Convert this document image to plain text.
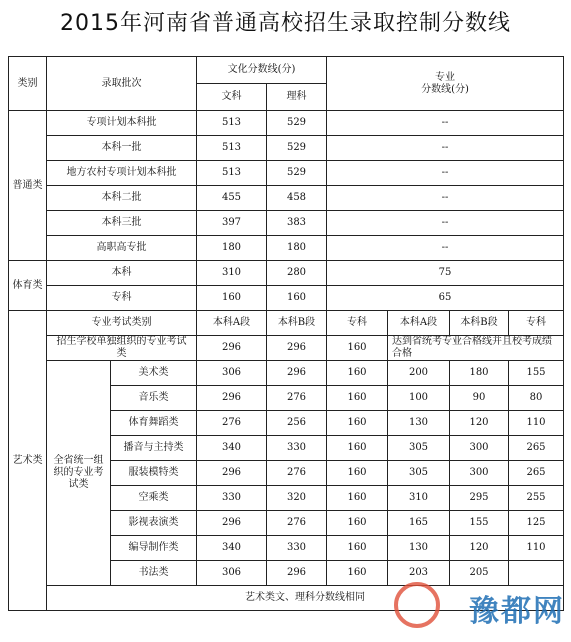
2015年河南省普通高校招生录取控制分数线
类别	录取批次		文化分数线(分)		专业
分数线(分)			
			文科	理科				
普通类	专项计划本科批		513	529	--			
	本科一批		513	529	--			
	地方农村专项计划本科批		513	529	--			
	本科二批		455	458	--			
	本科三批		397	383	--			
	高职高专批		180	180	--			
体育类	本科		310	280	75			
	专科		160	160	65			
艺术类	专业考试类别		本科A段	本科B段	专科	本科A段	本科B段	专科
	招生学校单独组织的专业考试类		296	296	160	达到省统考专业合格线并且校考成绩合格		
	全省统一组织的专业考试类	美术类	306	296	160	200	180	155
		音乐类	296	276	160	100	90	80
		体育舞蹈类	276	256	160	130	120	110
		播音与主持类	340	330	160	305	300	265
		服装模特类	296	276	160	305	300	265
		空乘类	330	320	160	310	295	255
		影视表演类	296	276	160	165	155	125
		编导制作类	340	330	160	130	120	110
		书法类	306	296	160	203	205	
	艺术类文、理科分数线相同								豫都网
